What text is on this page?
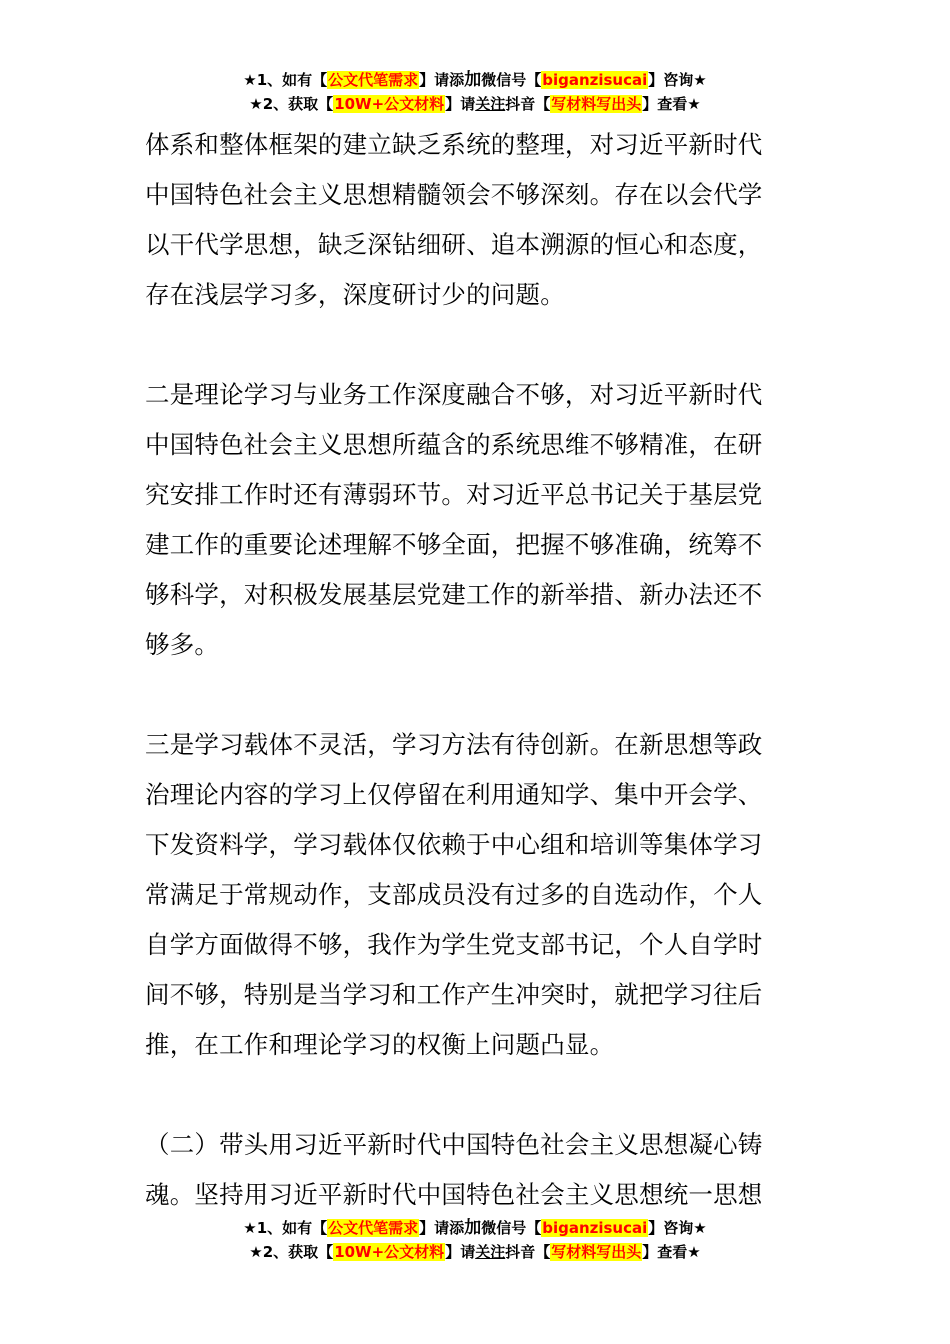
★1、如有【公文代笔需求】请添加微信号【biganzisucai】咨询★
★2、获取【10W+公文材料】请关注抖音【写材料写出头】查看★

体系和整体框架的建立缺乏系统的整理，对习近平新时代
中国特色社会主义思想精髓领会不够深刻。存在以会代学
以干代学思想，缺乏深钻细研、追本溯源的恒心和态度，
存在浅层学习多，深度研讨少的问题。

二是理论学习与业务工作深度融合不够，对习近平新时代
中国特色社会主义思想所蕴含的系统思维不够精准，在研
究安排工作时还有薄弱环节。对习近平总书记关于基层党
建工作的重要论述理解不够全面，把握不够准确，统筹不
够科学，对积极发展基层党建工作的新举措、新办法还不
够多。

三是学习载体不灵活，学习方法有待创新。在新思想等政
治理论内容的学习上仅停留在利用通知学、集中开会学、
下发资料学，学习载体仅依赖于中心组和培训等集体学习
常满足于常规动作，支部成员没有过多的自选动作，个人
自学方面做得不够，我作为学生党支部书记，个人自学时
间不够，特别是当学习和工作产生冲突时，就把学习往后
推，在工作和理论学习的权衡上问题凸显。

（二）带头用习近平新时代中国特色社会主义思想凝心铸
魂。坚持用习近平新时代中国特色社会主义思想统一思想

★1、如有【公文代笔需求】请添加微信号【biganzisucai】咨询★
★2、获取【10W+公文材料】请关注抖音【写材料写出头】查看★
